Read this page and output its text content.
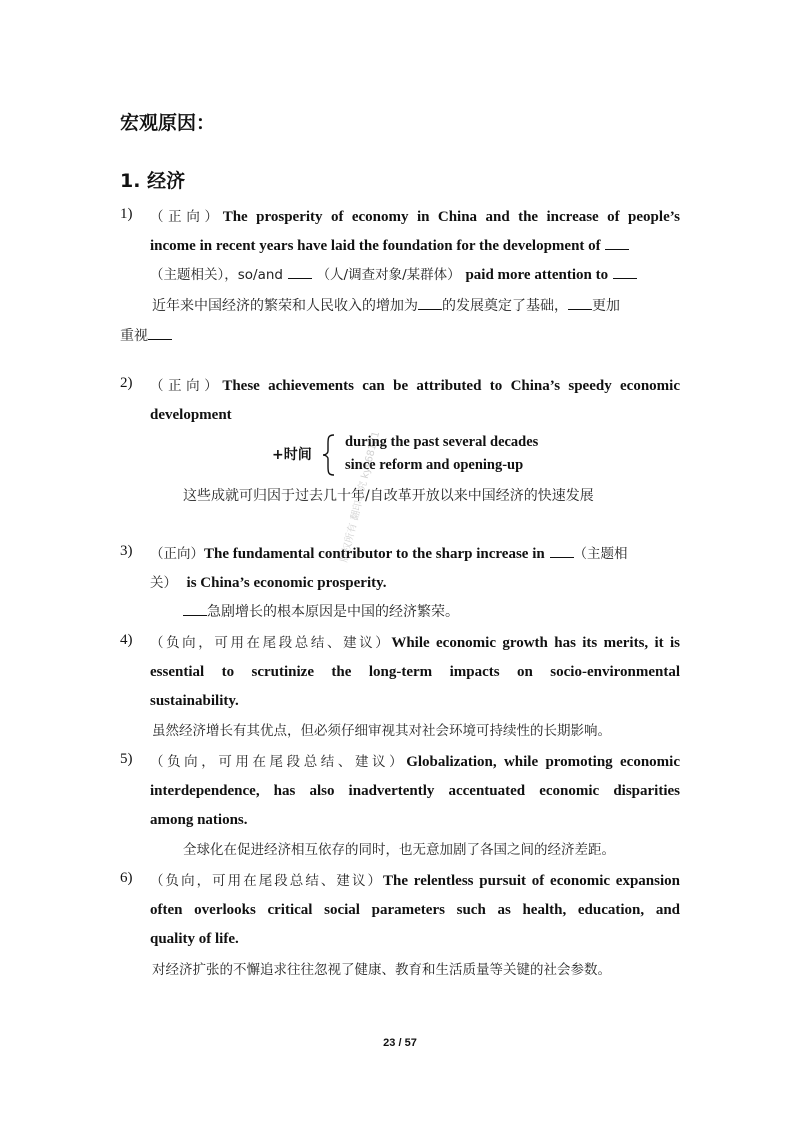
宏观原因：
1. 经济
1) （正向）The prosperity of economy in China and the increase of people’s
income in recent years have laid the foundation for the development of
（主题相关），so/and （人/调查对象/某群体） paid more attention to
近年来中国经济的繁荣和人民收入的增加为 的发展奠定了基础， 更加
重视
2) （正向）These achievements can be attributed to China’s speedy economic
development
+时间
during the past several decades
since reform and opening-up
这些成就可归因于过去几十年/自改革开放以来中国经济的快速发展
3) （正向）The fundamental contributor to the sharp increase in （主题相
关） is China’s economic prosperity.
急剧增长的根本原因是中国的经济繁荣。
4) （负向，可用在尾段总结、建议）While economic growth has its merits, it is
essential to scrutinize the long-term impacts on socio-environmental
sustainability.
虽然经济增长有其优点，但必须仔细审视其对社会环境可持续性的长期影响。
5) （负向，可用在尾段总结、建议）Globalization, while promoting economic
interdependence, has also inadvertently accentuated economic disparities
among nations.
全球化在促进经济相互依存的同时，也无意加剧了各国之间的经济差距。
6) （负向，可用在尾段总结、建议）The relentless pursuit of economic expansion
often overlooks critical social parameters such as health, education, and
quality of life.
对经济扩张的不懈追求往往忽视了健康、教育和生活质量等关键的社会参数。
版权所有 翻印必究 kys68121
23 / 57
